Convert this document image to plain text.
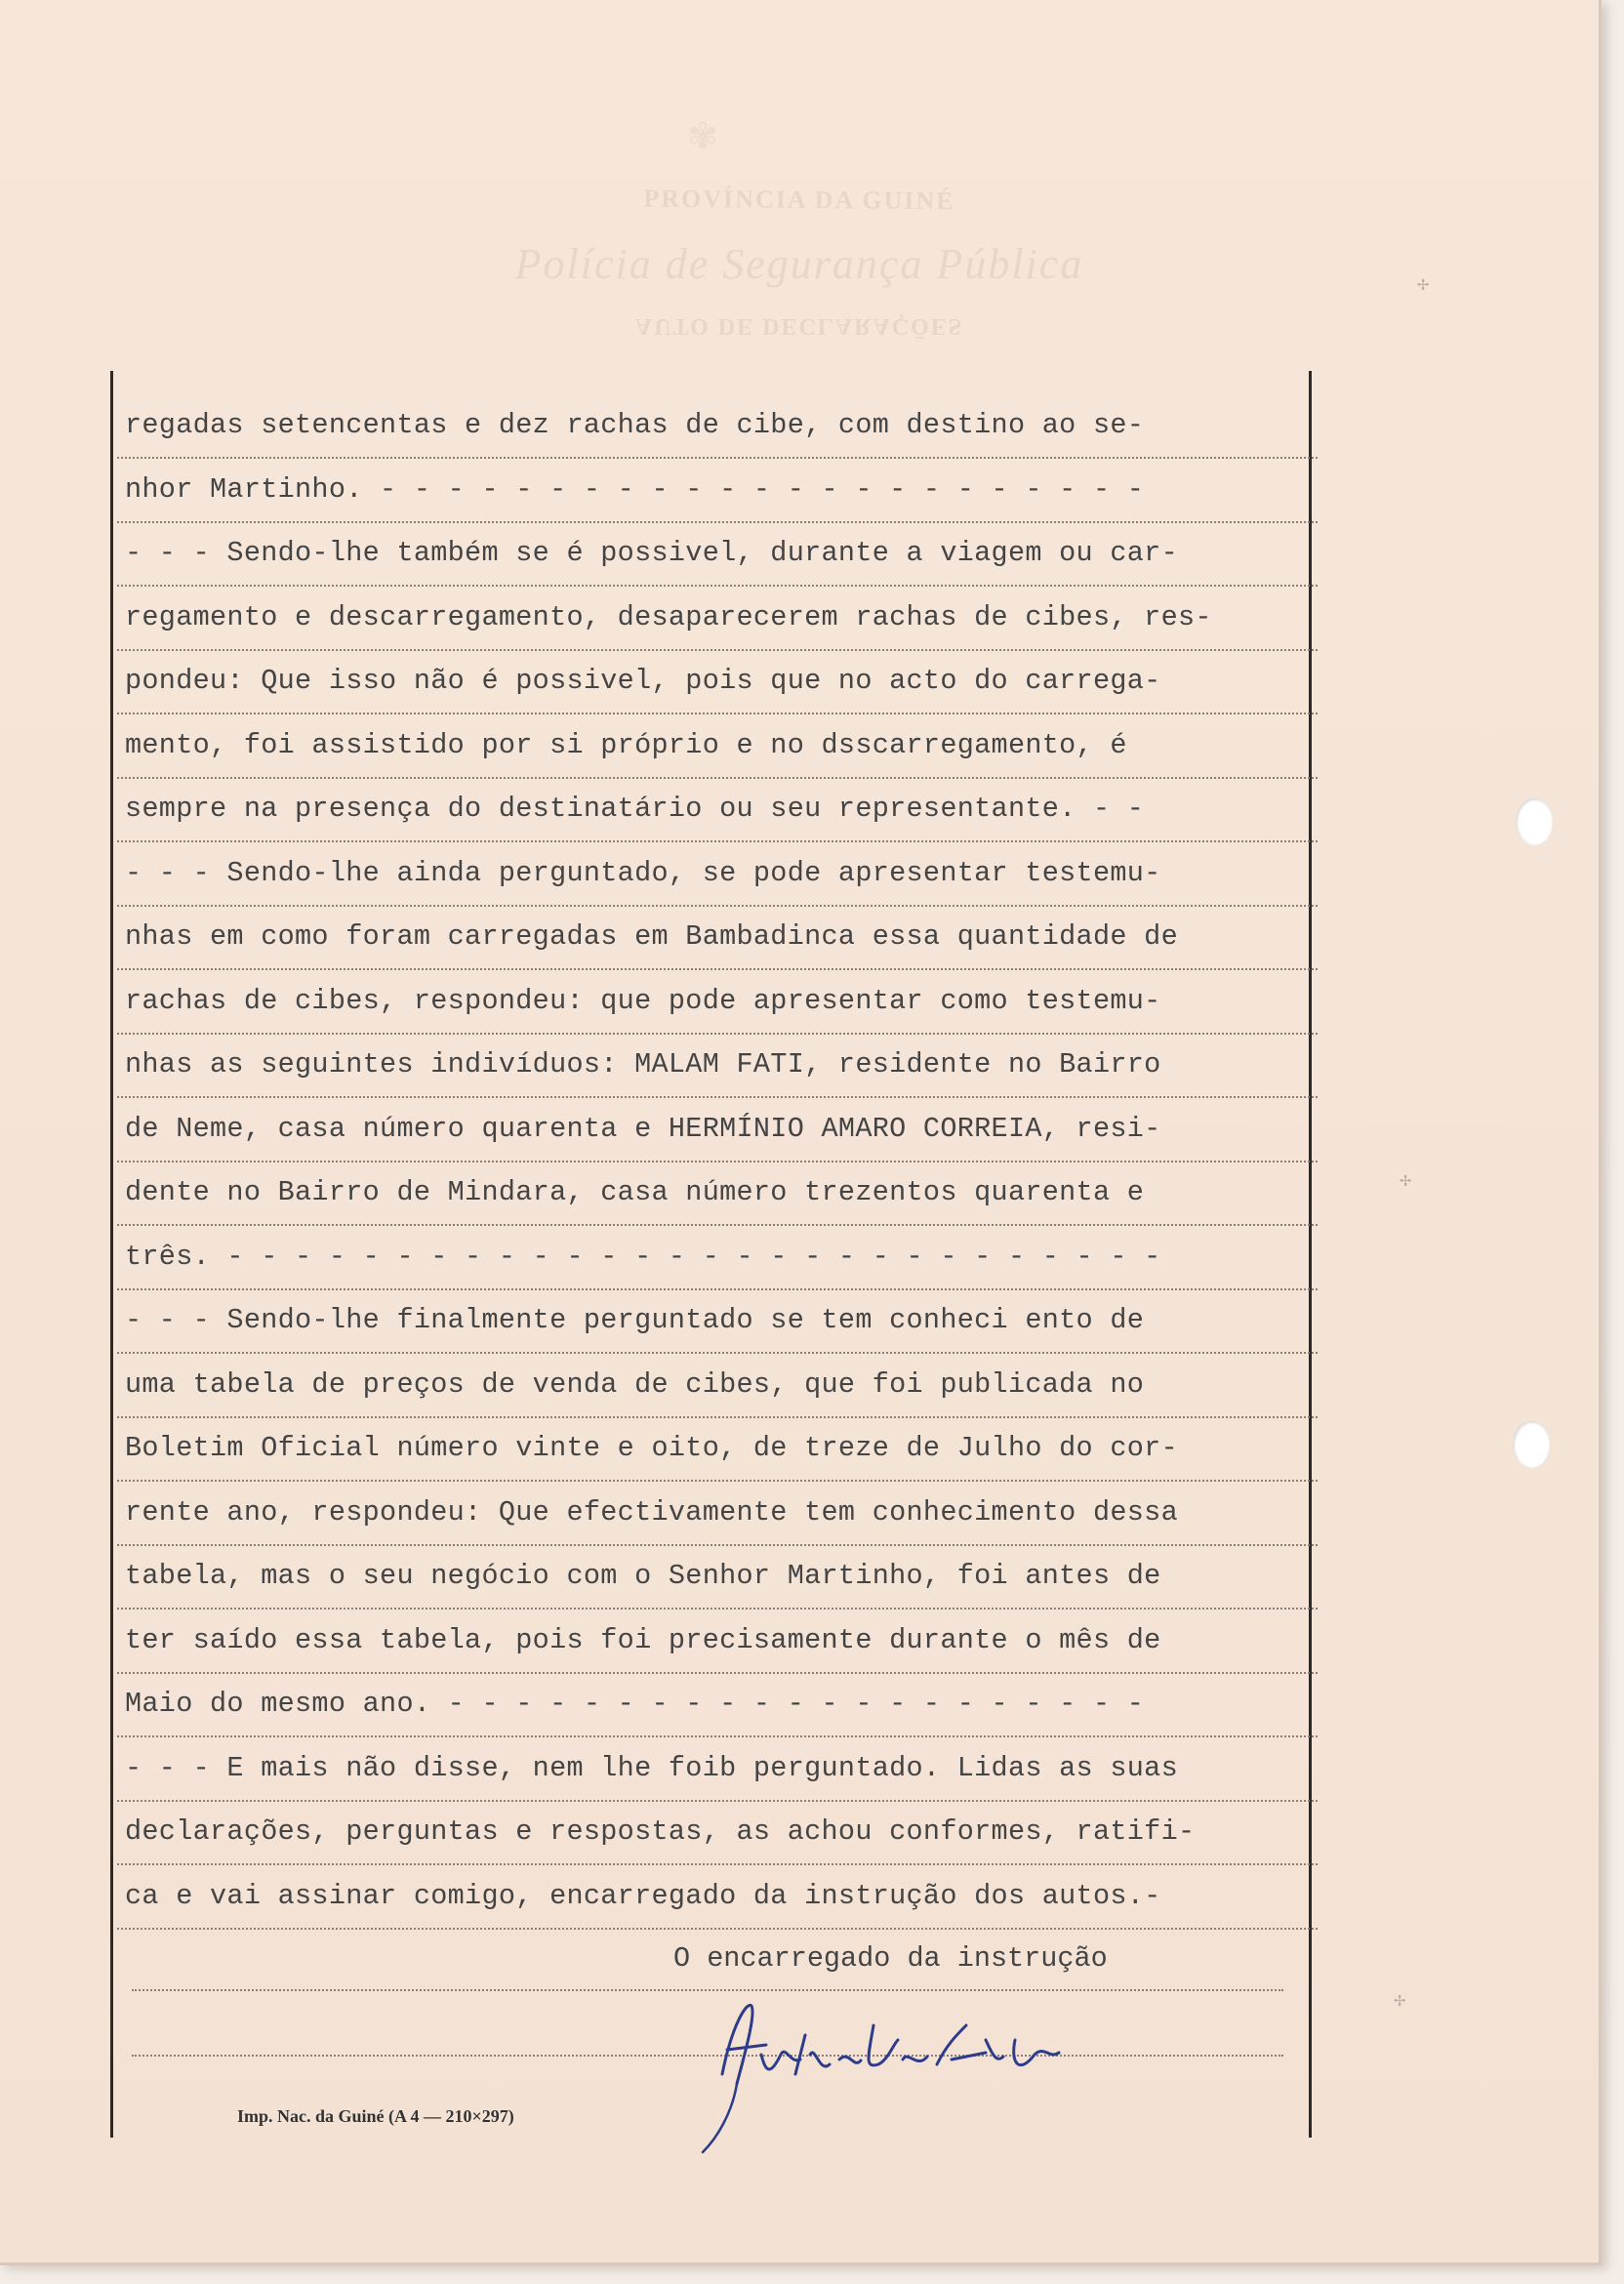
✾
PROVÍNCIA DA GUINÉ
Polícia de Segurança Pública
AUTO DE DECLARAÇÕES
regadas setencentas e dez rachas de cibe, com destino ao se-
nhor Martinho. - - - - - - - - - - - - - - - - - - - - - - -
- - - Sendo-lhe também se é possivel, durante a viagem ou car-
regamento e descarregamento, desaparecerem rachas de cibes, res-
pondeu: Que isso não é possivel, pois que no acto do carrega-
mento, foi assistido por si próprio e no dsscarregamento, é
sempre na presença do destinatário ou seu representante. - -
- - - Sendo-lhe ainda perguntado, se pode apresentar testemu-
nhas em como foram carregadas em Bambadinca essa quantidade de
rachas de cibes, respondeu: que pode apresentar como testemu-
nhas as seguintes indivíduos: MALAM FATI, residente no Bairro
de Neme, casa número quarenta e HERMÍNIO AMARO CORREIA, resi-
dente no Bairro de Mindara, casa número trezentos quarenta e
três. - - - - - - - - - - - - - - - - - - - - - - - - - - - -
- - - Sendo-lhe finalmente perguntado se tem conheci ento de
uma tabela de preços de venda de cibes, que foi publicada no
Boletim Oficial número vinte e oito, de treze de Julho do cor-
rente ano, respondeu: Que efectivamente tem conhecimento dessa
tabela, mas o seu negócio com o Senhor Martinho, foi antes de
ter saído essa tabela, pois foi precisamente durante o mês de
Maio do mesmo ano. - - - - - - - - - - - - - - - - - - - - -
- - - E mais não disse, nem lhe foib perguntado. Lidas as suas
declarações, perguntas e respostas, as achou conformes, ratifi-
ca e vai assinar comigo, encarregado da instrução dos autos.-
O encarregado da instrução
Imp. Nac. da Guiné (A 4 — 210×297)
✢
✢
✢
